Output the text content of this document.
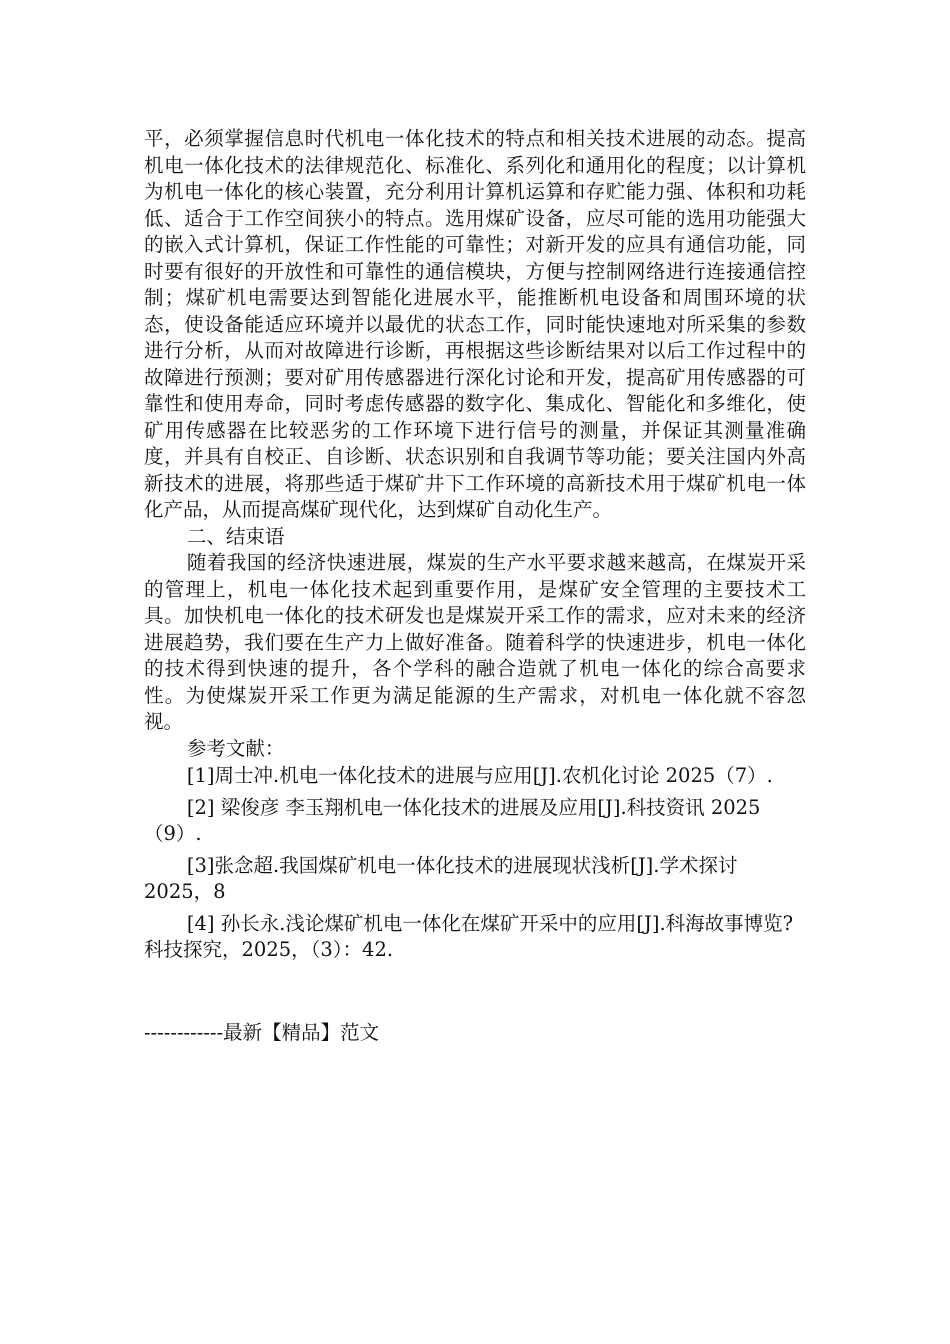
平，必须掌握信息时代机电一体化技术的特点和相关技术进展的动态。提高机电一体化技术的法律规范化、标准化、系列化和通用化的程度；以计算机为机电一体化的核心装置，充分利用计算机运算和存贮能力强、体积和功耗低、适合于工作空间狭小的特点。选用煤矿设备，应尽可能的选用功能强大的嵌入式计算机，保证工作性能的可靠性；对新开发的应具有通信功能，同时要有很好的开放性和可靠性的通信模块，方便与控制网络进行连接通信控制；煤矿机电需要达到智能化进展水平，能推断机电设备和周围环境的状态，使设备能适应环境并以最优的状态工作，同时能快速地对所采集的参数进行分析，从而对故障进行诊断，再根据这些诊断结果对以后工作过程中的故障进行预测；要对矿用传感器进行深化讨论和开发，提高矿用传感器的可靠性和使用寿命，同时考虑传感器的数字化、集成化、智能化和多维化，使矿用传感器在比较恶劣的工作环境下进行信号的测量，并保证其测量准确度，并具有自校正、自诊断、状态识别和自我调节等功能；要关注国内外高新技术的进展，将那些适于煤矿井下工作环境的高新技术用于煤矿机电一体化产品，从而提高煤矿现代化，达到煤矿自动化生产。

二、结束语

随着我国的经济快速进展，煤炭的生产水平要求越来越高，在煤炭开采的管理上，机电一体化技术起到重要作用，是煤矿安全管理的主要技术工具。加快机电一体化的技术研发也是煤炭开采工作的需求，应对未来的经济进展趋势，我们要在生产力上做好准备。随着科学的快速进步，机电一体化的技术得到快速的提升，各个学科的融合造就了机电一体化的综合高要求性。为使煤炭开采工作更为满足能源的生产需求，对机电一体化就不容忽视。

参考文献：

[1]周士冲.机电一体化技术的进展与应用[J].农机化讨论 2025（7）.

[2] 梁俊彦 李玉翔机电一体化技术的进展及应用[J].科技资讯 2025（9）.

[3]张念超.我国煤矿机电一体化技术的进展现状浅析[J].学术探讨 2025，8

[4] 孙长永.浅论煤矿机电一体化在煤矿开采中的应用[J].科海故事博览?科技探究，2025，（3）：42.

------------最新【精品】范文
